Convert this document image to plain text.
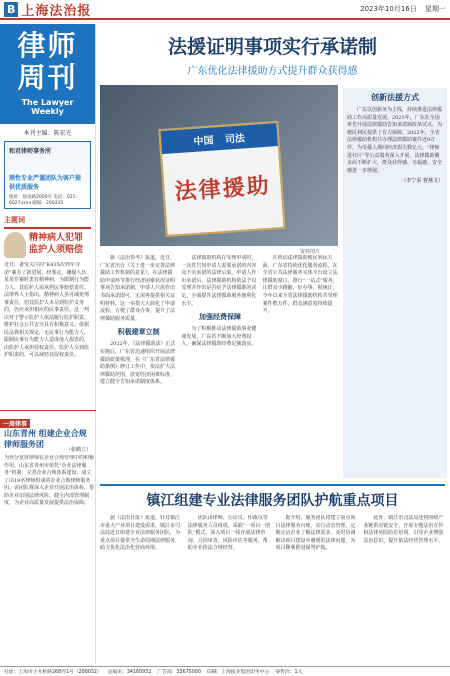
B 上海法治报	2023年10月16日 星期一
律师
周刊
The Lawyer Weekly
本刊主编：陈宏光
和君律师事务所
理性专业严谨团队为客户提供优质服务
地址：福泉路2000号 电话：021-6027xxxx 邮编：200335
主题词
精神病人犯罪监护人须赔偿
近日，备受关注的“K435次列车夺命”案有了新进展，经鉴定，嫌疑人伍某某作案时患有精神病，为限制行为能力人，其监护人需承担民事赔偿责任。法律界人士指出，精神病人虽可减免刑事责任，但其监护人未尽到监护义务的，仍应承担相应的民事责任。这一判决对于警示监护人依法履行监护职责、维护社会公共安全具有积极意义。依据民法典相关规定，无民事行为能力人、限制民事行为能力人造成他人损害的，由监护人承担侵权责任。监护人尽到监护职责的，可以减轻其侵权责任。
（张鹤立）
一周律事
山东青州 组建企业合规律师服务团
为充分发挥律师在企业合规管理中的积极作用，山东省青州市依托“企业法律服务”机制，完善企业合规体系建设，成立了由18名律师组成的企业合规律师服务团。该团队将深入企业开展法治体检，帮助企业识别法律风险、健全内部管理制度，为企业高质量发展提供法治保障。
法援证明事项实行承诺制
广东优化法律援助方式提升群众获得感
中国 司法
法律援助
资料图片
创新法援方式

广东以创新务为主线，持续推进法律援助工作高质量发展。2021年，广东在全国率先开展法律援助告知承诺制改革试点，为便民利民提供了有力保障。2022年，全省法律援助机构共办理法律援助案件近9万件，为受援人挽回经济损失数亿元。“律师进社区”等公益服务深入开展，法律援助覆盖面不断扩大，群众获得感、幸福感、安全感进一步增强。

（李宁采 曹燕文）

据《法治参考》报道，近日，广东省出台《关于进一步完善法律援助工作机制的意见》，在法律援助申请环节推行经济困难状况证明事项告知承诺制，申请人只需作出书面承诺即可，无需再提供相关证明材料。这一举措大大简化了申请流程，方便了群众办事，提升了法律援助服务质量。

积极建章立制

2022年，《法律援助法》正式实施后，广东省迅速组织开展法律援助政策梳理，在《广东省法律援助条例》修订工作中，依法扩大法律援助范围，放宽经济困难标准，建立健全告知承诺制度体系。

法律援助机构在受理申请时，一次性告知申请人需要承诺的内容及不实承诺的法律后果。申请人作出承诺后，法律援助机构依法予以受理并作出是否给予法律援助的决定，全面提升法律援助服务便利化水平。

加强经费保障

为了积极推动法律援助事业健康发展，广东省不断加大经费投入，确保法律援助经费足额落实。

在推动法律援助便民利民方面，广东省持续优化服务流程，在全省公共法律服务实体平台设立法律援助窗口，推行“一站式”服务，让群众少跑腿、好办事。据统计，今年以来全省法律援助机构共受理案件数万件，群众满意度持续提升。

镇江组建专业法律服务团队护航重点项目

据《法治日报》报道，针对镇江市重大产业项目建设需求，镇江市司法局近日组建专业法律服务团队，为重点项目提供全生命周期法律服务，助力优化法治化营商环境。

团队由律师、公证员、仲裁员等法律服务人员组成，采取“一项目一团队”模式，深入项目一线开展法律咨询、合同审查、风险评估等服务，帮助企业依法合规经营。

据介绍，服务团队将建立重点项目法律服务台账，实行动态管理，定期走访企业了解法律需求，及时协调解决项目建设中遇到的法律问题，为项目顺利推进保驾护航。

此外，镇江市司法局还将围绕产业链供应链安全，开展专题法治宣传和法律风险防范培训，引导企业增强法治意识，提升依法经营管理水平。

社址：上海市小木桥路268弄1号（200032） 总编室：34160932 广告部：33675000 印刷：上海报业集团印务中心 零售价：1元
